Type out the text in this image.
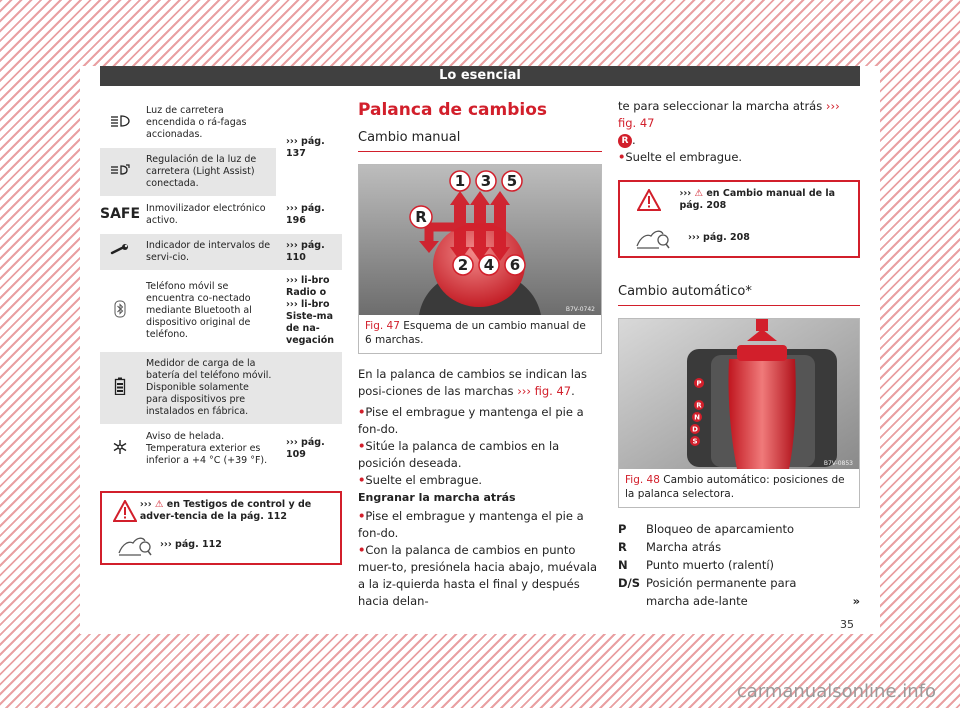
Lo esencial
	Luz de carretera encendida o rá-fagas accionadas.	››› pág. 137
	Regulación de la luz de carretera (Light Assist) conectada.	
SAFE	Inmovilizador electrónico activo.	››› pág. 196
	Indicador de intervalos de servi-cio.	››› pág. 110
	Teléfono móvil se encuentra co-nectado mediante Bluetooth al dispositivo original de teléfono.	››› li-bro Radio o ››› li-bro Siste-ma de na-vegación
	Medidor de carga de la batería del teléfono móvil. Disponible solamente para dispositivos pre instalados en fábrica.	
	Aviso de helada. Temperatura exterior es inferior a +4 °C (+39 °F).	››› pág. 109
››› ⚠ en Testigos de control y de adver-tencia de la pág. 112
››› pág. 112
Palanca de cambios
Cambio manual
1 3 5
R
2 4 6
B7V-0742
Fig. 47 Esquema de un cambio manual de 6 marchas.

En la palanca de cambios se indican las posi-ciones de las marchas ››› fig. 47.

• Pise el embrague y mantenga el pie a fon-do.

• Sitúe la palanca de cambios en la posición deseada.

• Suelte el embrague.

Engranar la marcha atrás

• Pise el embrague y mantenga el pie a fon-do.

• Con la palanca de cambios en punto muer-to, presiónela hacia abajo, muévala a la iz-quierda hasta el final y después hacia delan-

te para seleccionar la marcha atrás ››› fig. 47
R .

• Suelte el embrague.

››› ⚠ en Cambio manual de la pág. 208
››› pág. 208
Cambio automático*
P
R
N
D
S
B7V-0853
Fig. 48 Cambio automático: posiciones de la palanca selectora.
P	Bloqueo de aparcamiento
R	Marcha atrás
N	Punto muerto (ralentí)
D/S Posición permanente para marcha ade-lante	»
35
carmanualsonline.info
